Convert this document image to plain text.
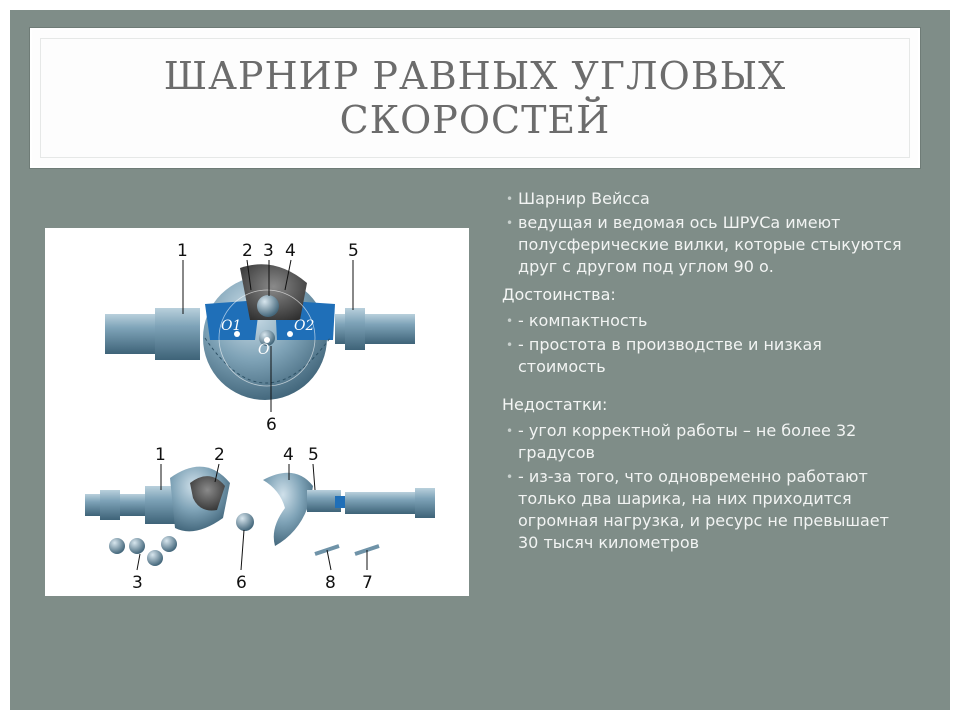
ШАРНИР РАВНЫХ УГЛОВЫХ
СКОРОСТЕЙ
1	2 3 4	5
6
O1
O
O2
1	2	4 5
3	6	8 7
• Шарнир Вейсса
• ведущая и ведомая ось ШРУСа имеют полусферические вилки, которые стыкуются друг с другом под углом 90 о.
Достоинства:
• - компактность
• - простота в производстве и низкая стоимость
Недостатки:
• - угол корректной работы – не более 32 градусов
• - из-за того, что одновременно работают только два шарика, на них приходится огромная нагрузка, и ресурс не превышает 30 тысяч километров
